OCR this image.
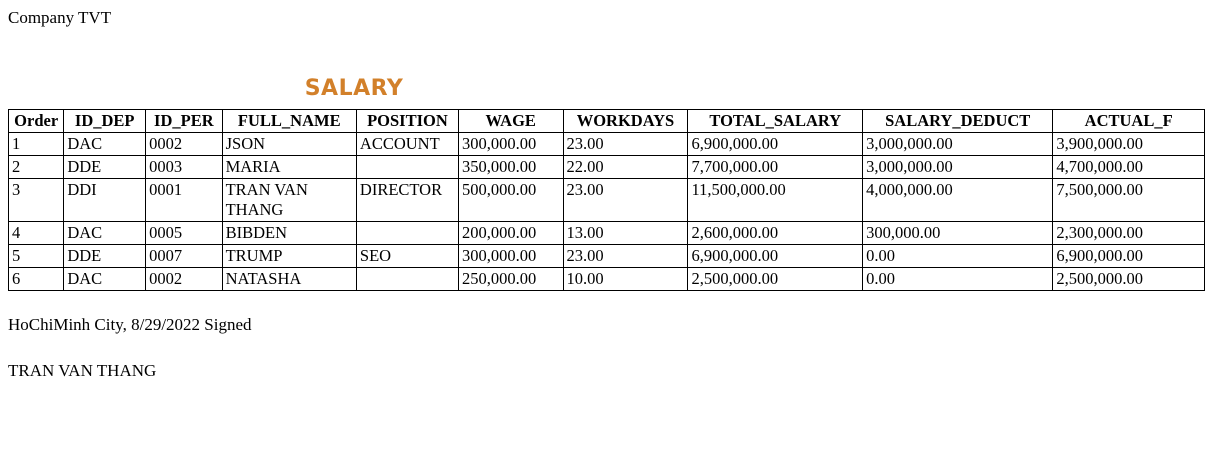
Company TVT
SALARY
Order	ID_DEP	ID_PER	FULL_NAME	POSITION	WAGE	WORKDAYS	TOTAL_SALARY	SALARY_DEDUCT	ACTUAL_F
1	DAC	0002	JSON	ACCOUNT	300,000.00	23.00	6,900,000.00	3,000,000.00	3,900,000.00
2	DDE	0003	MARIA		350,000.00	22.00	7,700,000.00	3,000,000.00	4,700,000.00
3	DDI	0001	TRAN VAN THANG	DIRECTOR	500,000.00	23.00	11,500,000.00	4,000,000.00	7,500,000.00
4	DAC	0005	BIBDEN		200,000.00	13.00	2,600,000.00	300,000.00	2,300,000.00
5	DDE	0007	TRUMP	SEO	300,000.00	23.00	6,900,000.00	0.00	6,900,000.00
6	DAC	0002	NATASHA		250,000.00	10.00	2,500,000.00	0.00	2,500,000.00
HoChiMinh City, 8/29/2022 Signed
TRAN VAN THANG
